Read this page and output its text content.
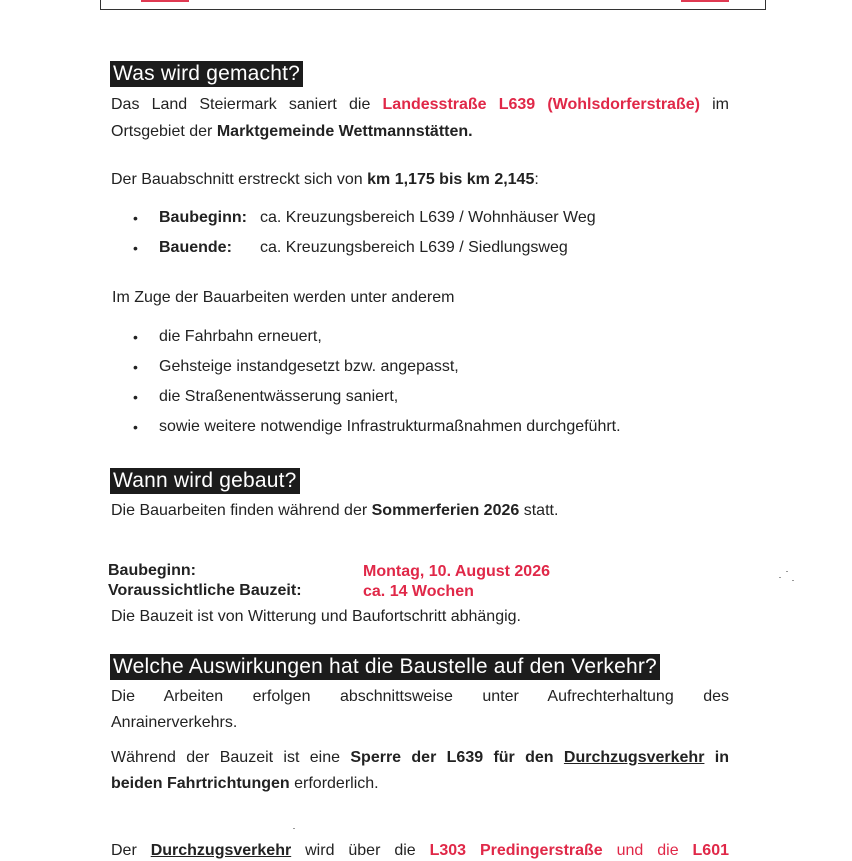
Was wird gemacht?
Das Land Steiermark saniert die Landesstraße L639 (Wohlsdorferstraße) im
Ortsgebiet der Marktgemeinde Wettmannstätten.
Der Bauabschnitt erstreckt sich von km 1,175 bis km 2,145:
• Baubeginn: ca. Kreuzungsbereich L639 / Wohnhäuser Weg
• Bauende: ca. Kreuzungsbereich L639 / Siedlungsweg
Im Zuge der Bauarbeiten werden unter anderem
• die Fahrbahn erneuert,
• Gehsteige instandgesetzt bzw. angepasst,
• die Straßenentwässerung saniert,
• sowie weitere notwendige Infrastrukturmaßnahmen durchgeführt.
Wann wird gebaut?
Die Bauarbeiten finden während der Sommerferien 2026 statt.
Baubeginn:	Montag, 10. August 2026
Voraussichtliche Bauzeit:	ca. 14 Wochen
Die Bauzeit ist von Witterung und Baufortschritt abhängig.
Welche Auswirkungen hat die Baustelle auf den Verkehr?
Die Arbeiten erfolgen abschnittsweise unter Aufrechterhaltung des
Anrainerverkehrs.
Während der Bauzeit ist eine Sperre der L639 für den Durchzugsverkehr in
beiden Fahrtrichtungen erforderlich.
Der Durchzugsverkehr wird über die L303 Predingerstraße und die L601
